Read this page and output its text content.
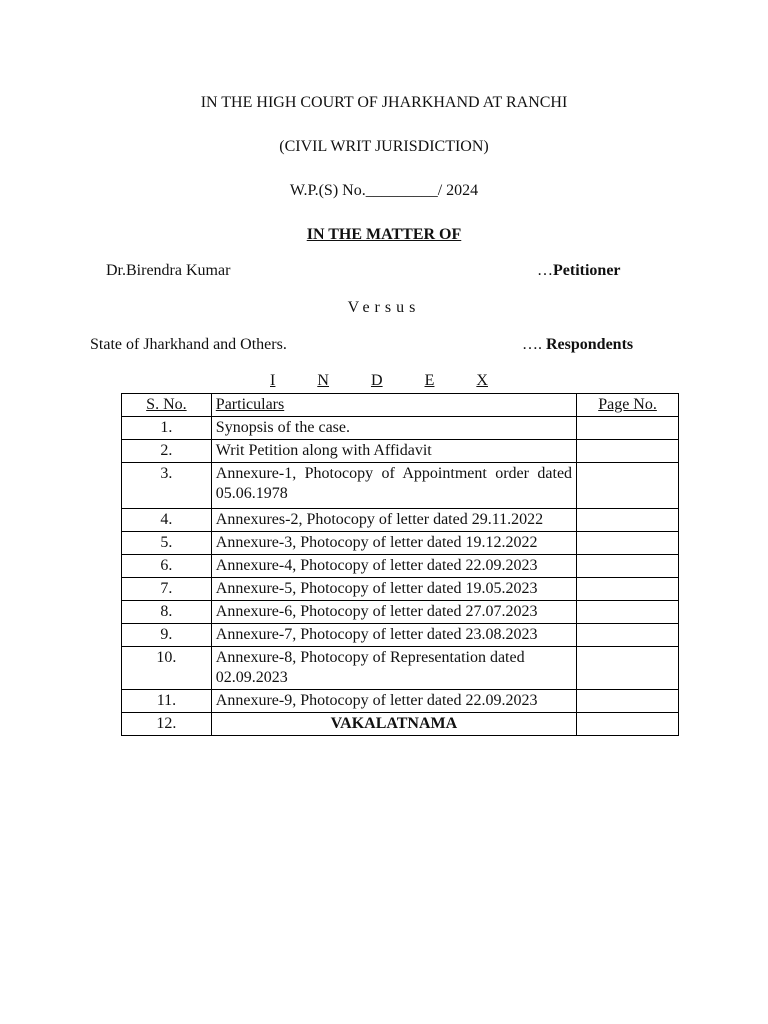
IN THE HIGH COURT OF JHARKHAND AT RANCHI
(CIVIL WRIT JURISDICTION)
W.P.(S) No._________/ 2024
IN THE MATTER OF
Dr.Birendra Kumar	…Petitioner
Versus
State of Jharkhand and Others.	…. Respondents
I	N	D	E	X
S. No.	Particulars	Page No.
1.	Synopsis of the case.	
2.	Writ Petition along with Affidavit	
3.	Annexure-1, Photocopy of Appointment order dated 05.06.1978	
4.	Annexures-2, Photocopy of letter dated 29.11.2022	
5.	Annexure-3, Photocopy of letter dated 19.12.2022	
6.	Annexure-4, Photocopy of letter dated 22.09.2023	
7.	Annexure-5, Photocopy of letter dated 19.05.2023	
8.	Annexure-6, Photocopy of letter dated 27.07.2023	
9.	Annexure-7, Photocopy of letter dated 23.08.2023	
10.	Annexure-8, Photocopy of Representation dated 02.09.2023	
11.	Annexure-9, Photocopy of letter dated 22.09.2023	
12.	VAKALATNAMA	
